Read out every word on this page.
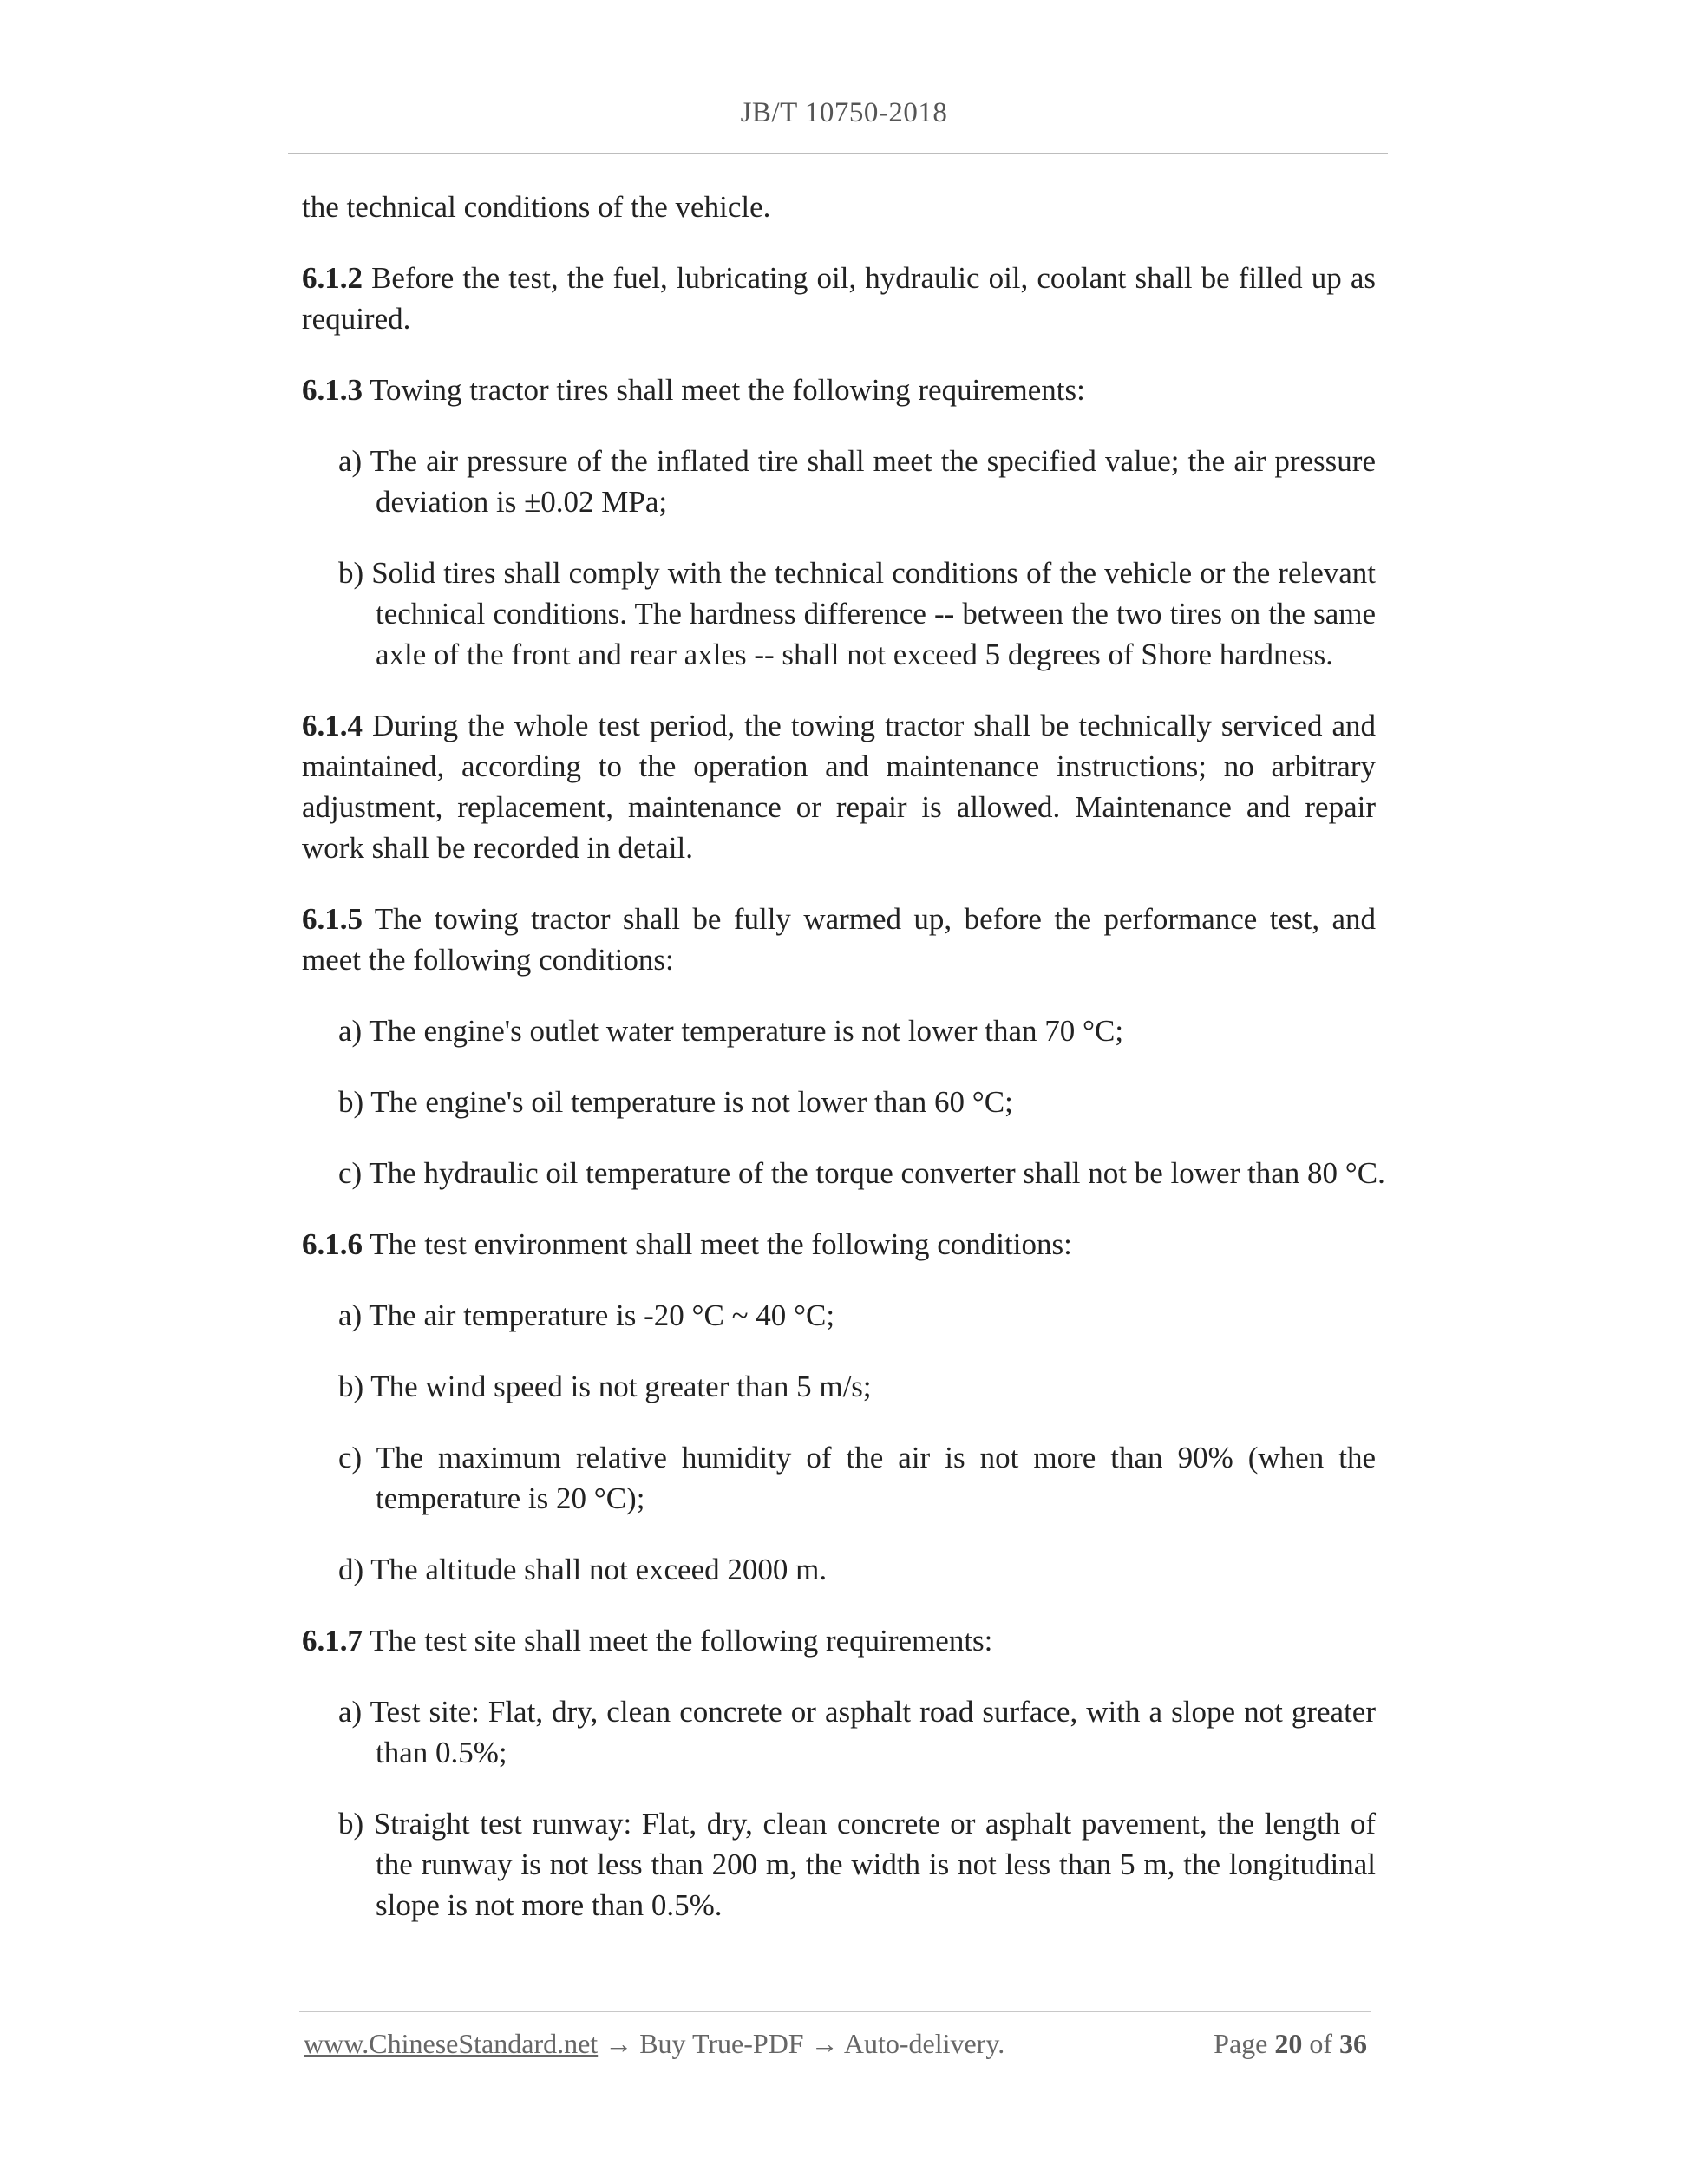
JB/T 10750-2018

the technical conditions of the vehicle.

6.1.2 Before the test, the fuel, lubricating oil, hydraulic oil, coolant shall be filled up as required.

6.1.3 Towing tractor tires shall meet the following requirements:

a) The air pressure of the inflated tire shall meet the specified value; the air pressure deviation is ±0.02 MPa;

b) Solid tires shall comply with the technical conditions of the vehicle or the relevant technical conditions. The hardness difference -- between the two tires on the same axle of the front and rear axles -- shall not exceed 5 degrees of Shore hardness.

6.1.4 During the whole test period, the towing tractor shall be technically serviced and maintained, according to the operation and maintenance instructions; no arbitrary adjustment, replacement, maintenance or repair is allowed. Maintenance and repair work shall be recorded in detail.

6.1.5 The towing tractor shall be fully warmed up, before the performance test, and meet the following conditions:

a) The engine's outlet water temperature is not lower than 70 °C;

b) The engine's oil temperature is not lower than 60 °C;

c) The hydraulic oil temperature of the torque converter shall not be lower than 80 °C.

6.1.6 The test environment shall meet the following conditions:

a) The air temperature is -20 °C ~ 40 °C;

b) The wind speed is not greater than 5 m/s;

c) The maximum relative humidity of the air is not more than 90% (when the temperature is 20 °C);

d) The altitude shall not exceed 2000 m.

6.1.7 The test site shall meet the following requirements:

a) Test site: Flat, dry, clean concrete or asphalt road surface, with a slope not greater than 0.5%;

b) Straight test runway: Flat, dry, clean concrete or asphalt pavement, the length of the runway is not less than 200 m, the width is not less than 5 m, the longitudinal slope is not more than 0.5%.

www.ChineseStandard.net → Buy True-PDF → Auto-delivery.	Page 20 of 36
